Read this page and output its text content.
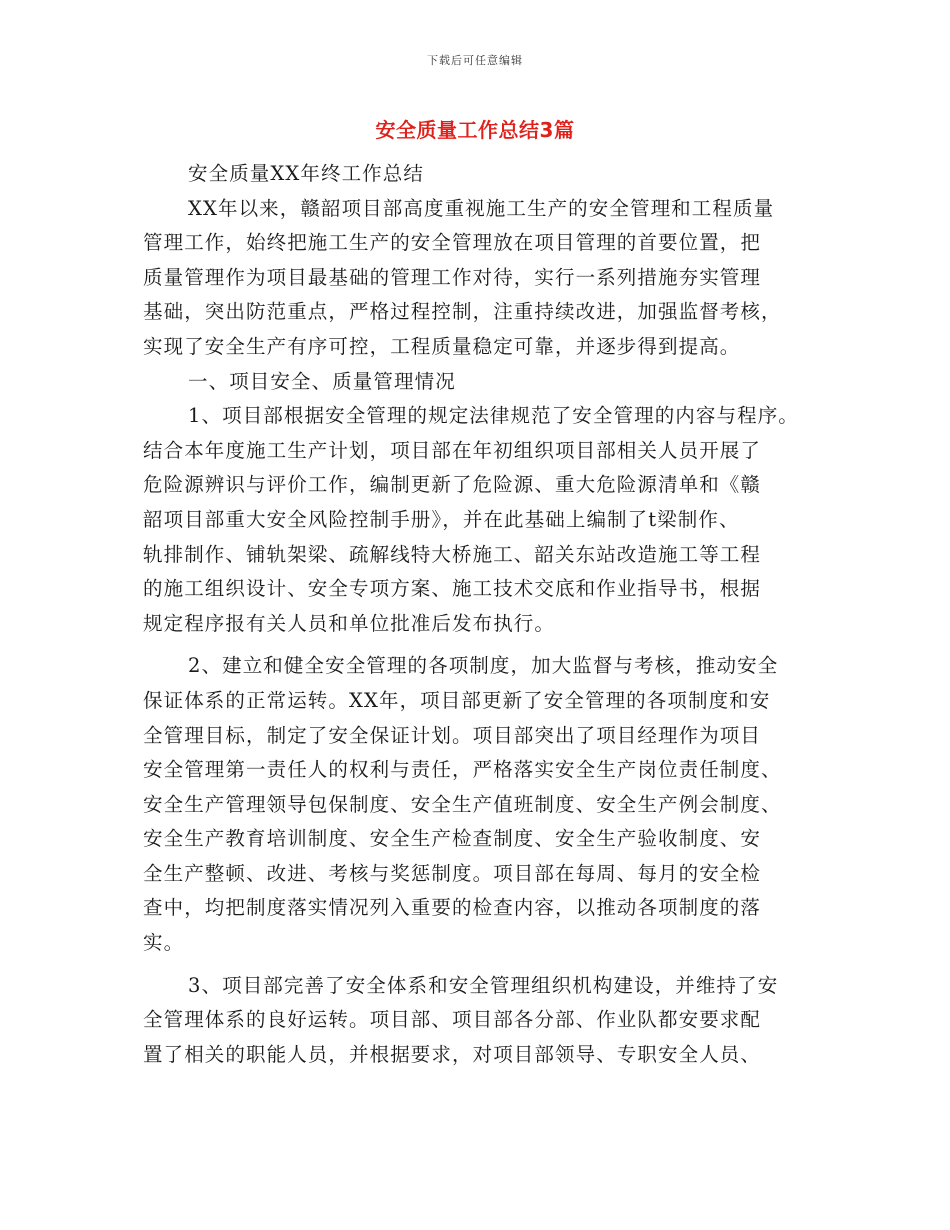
下载后可任意编辑
安全质量工作总结3篇
安全质量XX年终工作总结
XX年以来，赣韶项目部高度重视施工生产的安全管理和工程质量
管理工作，始终把施工生产的安全管理放在项目管理的首要位置，把
质量管理作为项目最基础的管理工作对待，实行一系列措施夯实管理
基础，突出防范重点，严格过程控制，注重持续改进，加强监督考核，
实现了安全生产有序可控，工程质量稳定可靠，并逐步得到提高。
一、项目安全、质量管理情况
1、项目部根据安全管理的规定法律规范了安全管理的内容与程序。
结合本年度施工生产计划，项目部在年初组织项目部相关人员开展了
危险源辨识与评价工作，编制更新了危险源、重大危险源清单和《赣
韶项目部重大安全风险控制手册》，并在此基础上编制了t梁制作、
轨排制作、铺轨架梁、疏解线特大桥施工、韶关东站改造施工等工程
的施工组织设计、安全专项方案、施工技术交底和作业指导书，根据
规定程序报有关人员和单位批准后发布执行。
2、建立和健全安全管理的各项制度，加大监督与考核，推动安全
保证体系的正常运转。XX年，项目部更新了安全管理的各项制度和安
全管理目标，制定了安全保证计划。项目部突出了项目经理作为项目
安全管理第一责任人的权利与责任，严格落实安全生产岗位责任制度、
安全生产管理领导包保制度、安全生产值班制度、安全生产例会制度、
安全生产教育培训制度、安全生产检查制度、安全生产验收制度、安
全生产整顿、改进、考核与奖惩制度。项目部在每周、每月的安全检
查中，均把制度落实情况列入重要的检查内容，以推动各项制度的落
实。
3、项目部完善了安全体系和安全管理组织机构建设，并维持了安
全管理体系的良好运转。项目部、项目部各分部、作业队都安要求配
置了相关的职能人员，并根据要求，对项目部领导、专职安全人员、
